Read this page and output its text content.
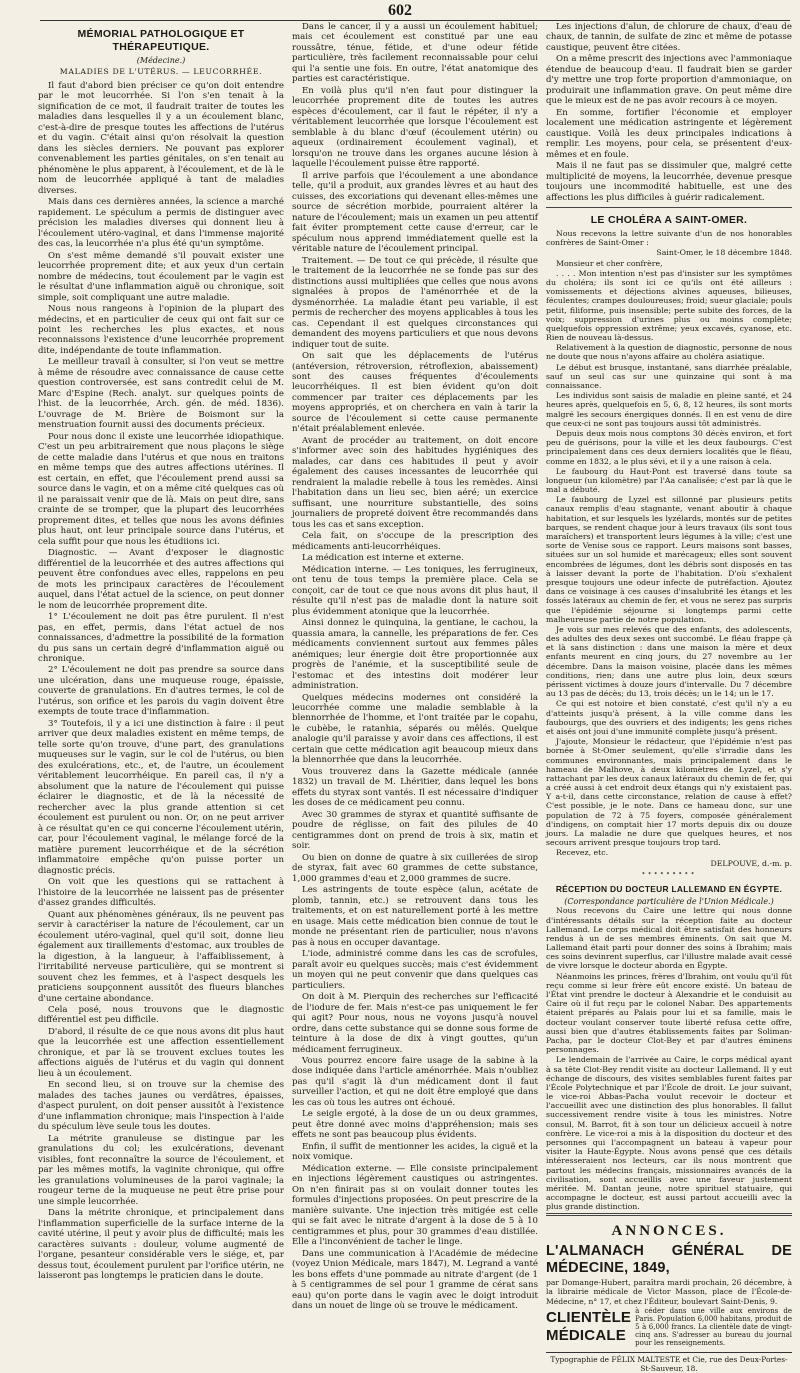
602
MÉMORIAL PATHOLOGIQUE ET THÉRAPEUTIQUE.
(Médecine.)
MALADIES DE L'UTÉRUS. — LEUCORRHÉE.

Il faut d'abord bien préciser ce qu'on doit entendre par le mot leucorrhée. Si l'on s'en tenait à la signification de ce mot, il faudrait traiter de toutes les maladies dans lesquelles il y a un écoulement blanc, c'est-à-dire de presque toutes les affections de l'utérus et du vagin. C'était ainsi qu'on résolvait la question dans les siècles derniers. Ne pouvant pas explorer convenablement les parties génitales, on s'en tenait au phénomène le plus apparent, à l'écoulement, et de là le nom de leucorrhée appliqué à tant de maladies diverses.

Mais dans ces dernières années, la science a marché rapidement. Le spéculum a permis de distinguer avec précision les maladies diverses qui donnent lieu à l'écoulement utéro-vaginal, et dans l'immense majorité des cas, la leucorrhée n'a plus été qu'un symptôme.

On s'est même demandé s'il pouvait exister une leucorrhée proprement dite; et aux yeux d'un certain nombre de médecins, tout écoulement par le vagin est le résultat d'une inflammation aiguë ou chronique, soit simple, soit compliquant une autre maladie.

Nous nous rangeons à l'opinion de la plupart des médecins, et en particulier de ceux qui ont fait sur ce point les recherches les plus exactes, et nous reconnaissons l'existence d'une leucorrhée proprement dite, indépendante de toute inflammation.

Le meilleur travail à consulter, si l'on veut se mettre à même de résoudre avec connaissance de cause cette question controversée, est sans contredit celui de M. Marc d'Espine (Rech. analyt. sur quelques points de l'hist. de la leucorrhée, Arch. gén. de méd. 1836). L'ouvrage de M. Brière de Boismont sur la menstruation fournit aussi des documents précieux.

Pour nous donc il existe une leucorrhée idiopathique. C'est un peu arbitrairement que nous plaçons le siège de cette maladie dans l'utérus et que nous en traitons en même temps que des autres affections utérines. Il est certain, en effet, que l'écoulement prend aussi sa source dans le vagin, et on a même cité quelques cas où il ne paraissait venir que de là. Mais on peut dire, sans crainte de se tromper, que la plupart des leucorrhées proprement dites, et telles que nous les avons définies plus haut, ont leur principale source dans l'utérus, et cela suffit pour que nous les étudiions ici.

Diagnostic. — Avant d'exposer le diagnostic différentiel de la leucorrhée et des autres affections qui peuvent être confondues avec elles, rappelons en peu de mots les principaux caractères de l'écoulement auquel, dans l'état actuel de la science, on peut donner le nom de leucorrhée proprement dite.

1° L'écoulement ne doit pas être purulent. Il n'est pas, en effet, permis, dans l'état actuel de nos connaissances, d'admettre la possibilité de la formation du pus sans un certain degré d'inflammation aiguë ou chronique.

2° L'écoulement ne doit pas prendre sa source dans une ulcération, dans une muqueuse rouge, épaissie, couverte de granulations. En d'autres termes, le col de l'utérus, son orifice et les parois du vagin doivent être exempts de toute trace d'inflammation.

3° Toutefois, il y a ici une distinction à faire : il peut arriver que deux maladies existent en même temps, de telle sorte qu'on trouve, d'une part, des granulations muqueuses sur le vagin, sur le col de l'utérus, ou bien des exulcérations, etc., et, de l'autre, un écoulement véritablement leucorrhéique. En pareil cas, il n'y a absolument que la nature de l'écoulement qui puisse éclairer le diagnostic, et de là la nécessité de rechercher avec la plus grande attention si cet écoulement est purulent ou non. Or, on ne peut arriver à ce résultat qu'en ce qui concerne l'écoulement utérin, car, pour l'écoulement vaginal, le mélange forcé de la matière purement leucorrhéique et de la sécrétion inflammatoire empêche qu'on puisse porter un diagnostic précis.

On voit que les questions qui se rattachent à l'histoire de la leucorrhée ne laissent pas de présenter d'assez grandes difficultés.

Quant aux phénomènes généraux, ils ne peuvent pas servir à caractériser la nature de l'écoulement, car un écoulement utéro-vaginal, quel qu'il soit, donne lieu également aux tiraillements d'estomac, aux troubles de la digestion, à la langueur, à l'affaiblissement, à l'irritabilité nerveuse particulière, qui se montrent si souvent chez les femmes, et à l'aspect desquels les praticiens soupçonnent aussitôt des flueurs blanches d'une certaine abondance.

Cela posé, nous trouvons que le diagnostic différentiel est peu difficile.

D'abord, il résulte de ce que nous avons dit plus haut que la leucorrhée est une affection essentiellement chronique, et par là se trouvent exclues toutes les affections aiguës de l'utérus et du vagin qui donnent lieu à un écoulement.

En second lieu, si on trouve sur la chemise des malades des taches jaunes ou verdâtres, épaisses, d'aspect purulent, on doit penser aussitôt à l'existence d'une inflammation chronique; mais l'inspection à l'aide du spéculum lève seule tous les doutes.

La métrite granuleuse se distingue par les granulations du col; les exulcérations, devenant visibles, font reconnaître la source de l'écoulement, et par les mêmes motifs, la vaginite chronique, qui offre les granulations volumineuses de la paroi vaginale; la rougeur terne de la muqueuse ne peut être prise pour une simple leucorrhée.

Dans la métrite chronique, et principalement dans l'inflammation superficielle de la surface interne de la cavité utérine, il peut y avoir plus de difficulté; mais les caractères suivants : douleur, volume augmenté de l'organe, pesanteur considérable vers le siége, et, par dessus tout, écoulement purulent par l'orifice utérin, ne laisseront pas longtemps le praticien dans le doute.

Dans le cancer, il y a aussi un écoulement habituel; mais cet écoulement est constitué par une eau roussâtre, ténue, fétide, et d'une odeur fétide particulière, très facilement reconnaissable pour celui qui l'a sentie une fois. En outre, l'état anatomique des parties est caractéristique.

En voilà plus qu'il n'en faut pour distinguer la leucorrhée proprement dite de toutes les autres espèces d'écoulement, car il faut le répéter, il n'y a véritablement leucorrhée que lorsque l'écoulement est semblable à du blanc d'œuf (écoulement utérin) ou aqueux (ordinairement écoulement vaginal), et lorsqu'on ne trouve dans les organes aucune lésion à laquelle l'écoulement puisse être rapporté.

Il arrive parfois que l'écoulement a une abondance telle, qu'il a produit, aux grandes lèvres et au haut des cuisses, des excoriations qui devenant elles-mêmes une source de sécrétion morbide, pourraient altérer la nature de l'écoulement; mais un examen un peu attentif fait éviter promptement cette cause d'erreur, car le spéculum nous apprend immédiatement quelle est la véritable nature de l'écoulement principal.

Traitement. — De tout ce qui précède, il résulte que le traitement de la leucorrhée ne se fonde pas sur des distinctions aussi multipliées que celles que nous avons signalées à propos de l'aménorrhée et de la dysménorrhée. La maladie étant peu variable, il est permis de rechercher des moyens applicables à tous les cas. Cependant il est quelques circonstances qui demandent des moyens particuliers et que nous devons indiquer tout de suite.

On sait que les déplacements de l'utérus (antéversion, rétroversion, rétroflexion, abaissement) sont des causes fréquentes d'écoulements leucorrhéiques. Il est bien évident qu'on doit commencer par traiter ces déplacements par les moyens appropriés, et on cherchera en vain à tarir la source de l'écoulement si cette cause permanente n'était préalablement enlevée.

Avant de procéder au traitement, on doit encore s'informer avec soin des habitudes hygiéniques des malades, car dans ces habitudes il peut y avoir également des causes incessantes de leucorrhée qui rendraient la maladie rebelle à tous les remèdes. Ainsi l'habitation dans un lieu sec, bien aéré; un exercice suffisant, une nourriture substantielle, des soins journaliers de propreté doivent être recommandés dans tous les cas et sans exception.

Cela fait, on s'occupe de la prescription des médicaments anti-leucorrhéiques.

La médication est interne et externe.

Médication interne. — Les toniques, les ferrugineux, ont tenu de tous temps la première place. Cela se conçoit, car de tout ce que nous avons dit plus haut, il résulte qu'il n'est pas de maladie dont la nature soit plus évidemment atonique que la leucorrhée.

Ainsi donnez le quinquina, la gentiane, le cachou, la quassia amara, la cannelle, les préparations de fer. Ces médicaments conviennent surtout aux femmes pâles anémiques; leur énergie doit être proportionnée aux progrès de l'anémie, et la susceptibilité seule de l'estomac et des intestins doit modérer leur administration.

Quelques médecins modernes ont considéré la leucorrhée comme une maladie semblable à la blennorrhée de l'homme, et l'ont traitée par le copahu, le cubèbe, le ratanhia, séparés ou mêlés. Quelque analogie qu'il paraisse y avoir dans ces affections, il est certain que cette médication agit beaucoup mieux dans la blennorrhée que dans la leucorrhée.

Vous trouverez dans la Gazette médicale (année 1832) un travail de M. Lhéritier, dans lequel les bons effets du styrax sont vantés. Il est nécessaire d'indiquer les doses de ce médicament peu connu.

Avec 30 grammes de styrax et quantité suffisante de poudre de réglisse, on fait des pilules de 40 centigrammes dont on prend de trois à six, matin et soir.

Ou bien on donne de quatre à six cuillerées de sirop de styrax, fait avec 60 grammes de cette substance, 1,000 grammes d'eau et 2,000 grammes de sucre.

Les astringents de toute espèce (alun, acétate de plomb, tannin, etc.) se retrouvent dans tous les traitements, et on est naturellement porté à les mettre en usage. Mais cette médication bien connue de tout le monde ne présentant rien de particulier, nous n'avons pas à nous en occuper davantage.

L'iode, administré comme dans les cas de scrofules, paraît avoir eu quelques succès; mais c'est évidemment un moyen qui ne peut convenir que dans quelques cas particuliers.

On doit à M. Pierquin des recherches sur l'efficacité de l'iodure de fer. Mais n'est-ce pas uniquement le fer qui agit? Pour nous, nous ne voyons jusqu'à nouvel ordre, dans cette substance qui se donne sous forme de teinture à la dose de dix à vingt gouttes, qu'un médicament ferrugineux.

Vous pourrez encore faire usage de la sabine à la dose indiquée dans l'article aménorrhée. Mais n'oubliez pas qu'il s'agit là d'un médicament dont il faut surveiller l'action, et qui ne doit être employé que dans les cas où tous les autres ont échoué.

Le seigle ergoté, à la dose de un ou deux grammes, peut être donné avec moins d'appréhension; mais ses effets ne sont pas beaucoup plus évidents.

Enfin, il suffit de mentionner les acides, la ciguë et la noix vomique.

Médication externe. — Elle consiste principalement en injections légèrement caustiques ou astringentes. On n'en finirait pas si on voulait donner toutes les formules d'injections proposées. On peut prescrire de la manière suivante. Une injection très mitigée est celle qui se fait avec le nitrate d'argent à la dose de 5 à 10 centigrammes et plus, pour 30 grammes d'eau distillée. Elle a l'inconvénient de tacher le linge.

Dans une communication à l'Académie de médecine (voyez Union Médicale, mars 1847), M. Legrand a vanté les bons effets d'une pommade au nitrate d'argent (de 1 à 5 centigrammes de sel pour 1 gramme de cérat sans eau) qu'on porte dans le vagin avec le doigt introduit dans un nouet de linge où se trouve le médicament.

Les injections d'alun, de chlorure de chaux, d'eau de chaux, de tannin, de sulfate de zinc et même de potasse caustique, peuvent être citées.

On a même prescrit des injections avec l'ammoniaque étendue de beaucoup d'eau. Il faudrait bien se garder d'y mettre une trop forte proportion d'ammoniaque, on produirait une inflammation grave. On peut même dire que le mieux est de ne pas avoir recours à ce moyen.

En somme, fortifier l'économie et employer localement une médication astringente et légèrement caustique. Voilà les deux principales indications à remplir. Les moyens, pour cela, se présentent d'eux-mêmes et en foule.

Mais il ne faut pas se dissimuler que, malgré cette multiplicité de moyens, la leucorrhée, devenue presque toujours une incommodité habituelle, est une des affections les plus difficiles à guérir radicalement.

LE CHOLÉRA A SAINT-OMER.

Nous recevons la lettre suivante d'un de nos honorables confrères de Saint-Omer :

Saint-Omer, le 18 décembre 1848.

Monsieur et cher confrère,

. . . . Mon intention n'est pas d'insister sur les symptômes du choléra; ils sont ici ce qu'ils ont été ailleurs : vomissements et déjections alvines aqueuses, bilieuses, féculentes; crampes douloureuses; froid; sueur glaciale; pouls petit, filiforme, puis insensible; perte subite des forces, de la voix; suppression d'urines plus ou moins complète; quelquefois oppression extrême; yeux excavés, cyanose, etc. Rien de nouveau là-dessus.

Relativement à la question de diagnostic, personne de nous ne doute que nous n'ayons affaire au choléra asiatique.

Le début est brusque, instantané, sans diarrhée préalable, sauf un seul cas sur une quinzaine qui sont à ma connaissance.

Les individus sont saisis de maladie en pleine santé, et 24 heures après, quelquefois en 5, 6, 8, 12 heures, ils sont morts malgré les secours énergiques donnés. Il en est venu de dire que ceux-ci ne sont pas toujours aussi tôt administrés.

Depuis deux mois nous comptons 30 décès environ, et fort peu de guérisons, pour la ville et les deux faubourgs. C'est principalement dans ces deux derniers localités que le fléau, comme en 1832, a le plus sévi, et il y a une raison à cela.

Le faubourg du Haut-Pont est traversé dans toute sa longueur (un kilomètre) par l'Aa canalisée; c'est par là que le mal a débuté.

Le faubourg de Lyzel est sillonné par plusieurs petits canaux remplis d'eau stagnante, venant aboutir à chaque habitation, et sur lesquels les lyzélards, montés sur de petites barques, se rendent chaque jour à leurs travaux (ils sont tous maraîchers) et transportent leurs légumes à la ville; c'est une sorte de Venise sous ce rapport. Leurs maisons sont basses, situées sur un sol humide et marécageux; elles sont souvent encombrées de légumes, dont les débris sont disposés en tas à laisser devant la porte de l'habitation. D'où s'exhalent presque toujours une odeur infecte de putréfaction. Ajoutez dans ce voisinage à ces causes d'insalubrité les étangs et les fossés latéraux au chemin de fer, et vous ne serez pas surpris que l'épidémie séjourne si longtemps parmi cette malheureuse partie de notre population.

Je vois sur mes relevés que des enfants, des adolescents, des adultes des deux sexes ont succombé. Le fléau frappe çà et là sans distinction : dans une maison la mère et deux enfants meurent en cinq jours, du 27 novembre au 1er décembre. Dans la maison voisine, placée dans les mêmes conditions, rien; dans une autre plus loin, deux sœurs périssent victimes à douze jours d'intervalle. Du 7 décembre au 13 pas de décès; du 13, trois décès; un le 14; un le 17.

Ce qui est notoire et bien constaté, c'est qu'il n'y a eu d'atteints jusqu'à présent, à la ville comme dans les faubourgs, que des ouvriers et des indigents; les gens riches et aisés ont joui d'une immunité complète jusqu'à présent.

J'ajoute, Monsieur le rédacteur, que l'épidémie n'est pas bornée à St-Omer seulement, qu'elle s'irradie dans les communes environnantes, mais principalement dans le hameau de Malhove, à deux kilomètres de Lyzel, et s'y rattachant par les deux canaux latéraux du chemin de fer, qui a créé aussi à cet endroit deux étangs qui n'y existaient pas. Y a-t-il, dans cette circonstance, relation de cause à effet? C'est possible, je le note. Dans ce hameau donc, sur une population de 72 à 75 foyers, composée généralement d'indigens, on comptait hier 17 morts depuis dix ou douze jours. La maladie ne dure que quelques heures, et nos secours arrivent presque toujours trop tard.

Recevez, etc.

DELPOUVE, d.-m. p.

•••••••••
RÉCEPTION DU DOCTEUR LALLEMAND EN ÉGYPTE.
(Correspondance particulière de l'Union Médicale.)

Nous recevons du Caire une lettre qui nous donne d'intéressants détails sur la réception faite au docteur Lallemand. Le corps médical doit être satisfait des honneurs rendus à un de ses membres éminents. On sait que M. Lallemand était parti pour donner des soins à Ibrahim; mais ces soins devinrent superflus, car l'illustre malade avait cessé de vivre lorsque le docteur aborda en Égypte.

Néanmoins les princes, frères d'Ibrahim, ont voulu qu'il fût reçu comme si leur frère eût encore existé. Un bateau de l'État vint prendre le docteur à Alexandrie et le conduisit au Caire où il fut reçu par le colonel Nabar. Des appartements étaient préparés au Palais pour lui et sa famille, mais le docteur voulant conserver toute liberté refusa cette offre, aussi bien que d'autres établissements faites par Soliman-Pacha, par le docteur Clot-Bey et par d'autres éminens personnages.

Le lendemain de l'arrivée au Caire, le corps médical ayant à sa tête Clot-Bey rendit visite au docteur Lallemand. Il y eut échange de discours, des visites semblables furent faites par l'École Polytechnique et par l'École de droit. Le jour suivant, le vice-roi Abbas-Pacha voulut recevoir le docteur et l'accueillit avec une distinction des plus honorables. Il fallut successivement rendre visite à tous les ministres. Notre consul, M. Barrot, fit à son tour un délicieux accueil à notre confrère. Le vice-roi a mis à la disposition du docteur et des personnes qui l'accompagnent un bateau à vapeur pour visiter la Haute-Égypte. Nous avons pensé que ces détails intéresseraient nos lecteurs, car ils nous montrent que partout les médecins français, missionnaires avancés de la civilisation, sont accueillis avec une faveur justement méritée. M. Dantan jeune, notre spirituel statuaire, qui accompagne le docteur, est aussi partout accueilli avec la plus grande distinction.

ANNONCES.
L'ALMANACH GÉNÉRAL DE MÉDECINE, 1849,

par Domange-Hubert, paraîtra mardi prochain, 26 décembre, à la librairie médicale de Victor Masson, place de l'École-de-Médecine, n° 17, et chez l'Éditeur, boulevart Saint-Denis, 9.

CLIENTÈLE MÉDICALE
à céder dans une ville aux environs de Paris. Population 6,000 habitans, produit de 5 à 6,000 francs. La clientèle date de vingt-cinq ans. S'adresser au bureau du journal pour les renseignements.
Typographie de FÉLIX MALTESTE et Cie, rue des Deux-Portes-St-Sauveur, 18.
